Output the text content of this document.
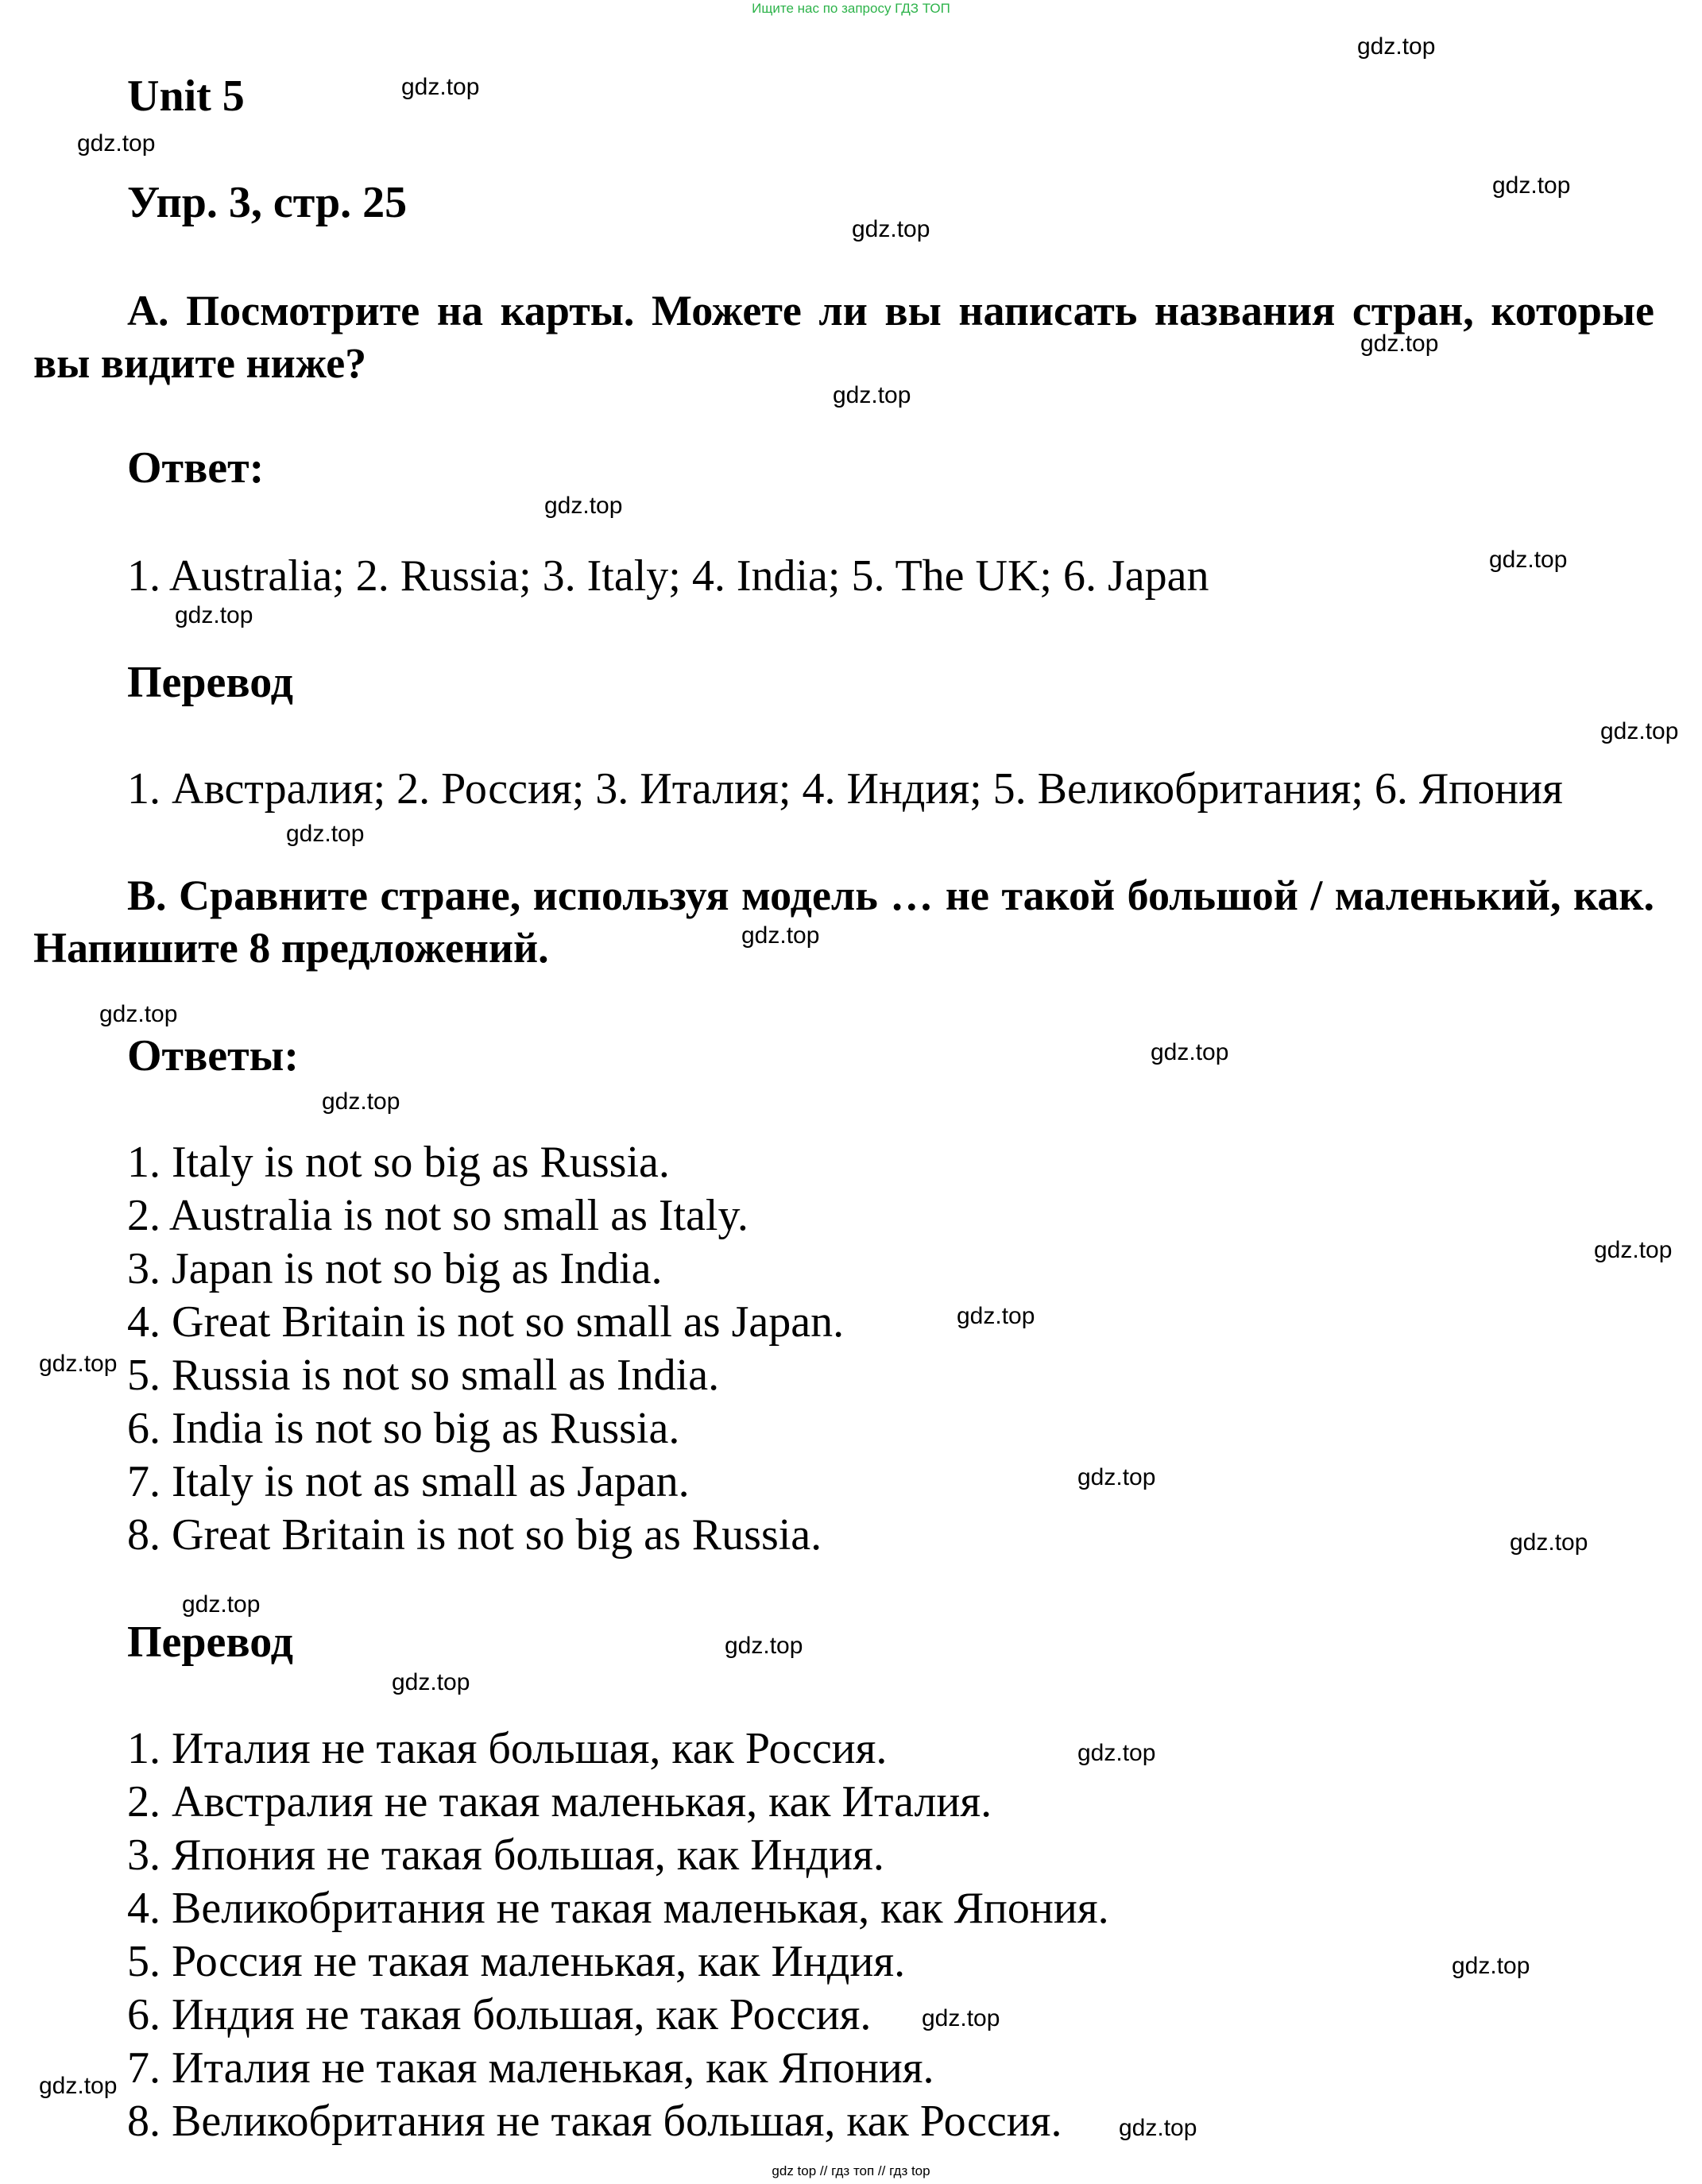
Ищите нас по запросу ГДЗ ТОП
Unit 5
Упр. 3, стр. 25
A. Посмотрите на карты. Можете ли вы написать названия стран, которые вы видите ниже?
Ответ:
1. Australia; 2. Russia; 3. Italy; 4. India; 5. The UK; 6. Japan
Перевод
1. Австралия; 2. Россия; 3. Италия; 4. Индия; 5. Великобритания; 6. Япония
B. Сравните стране, используя модель … не такой большой / маленький, как. Напишите 8 предложений.
Ответы:
1. Italy is not so big as Russia.
2. Australia is not so small as Italy.
3. Japan is not so big as India.
4. Great Britain is not so small as Japan.
5. Russia is not so small as India.
6. India is not so big as Russia.
7. Italy is not as small as Japan.
8. Great Britain is not so big as Russia.
Перевод
1. Италия не такая большая, как Россия.
2. Австралия не такая маленькая, как Италия.
3. Япония не такая большая, как Индия.
4. Великобритания не такая маленькая, как Япония.
5. Россия не такая маленькая, как Индия.
6. Индия не такая большая, как Россия.
7. Италия не такая маленькая, как Япония.
8. Великобритания не такая большая, как Россия.
gdz.top
gdz.top
gdz.top
gdz.top
gdz.top
gdz.top
gdz.top
gdz.top
gdz.top
gdz.top
gdz.top
gdz.top
gdz.top
gdz.top
gdz.top
gdz.top
gdz.top
gdz.top
gdz.top
gdz.top
gdz.top
gdz.top
gdz.top
gdz.top
gdz.top
gdz.top
gdz.top
gdz.top
gdz.top
gdz top // гдз топ // гдз top
